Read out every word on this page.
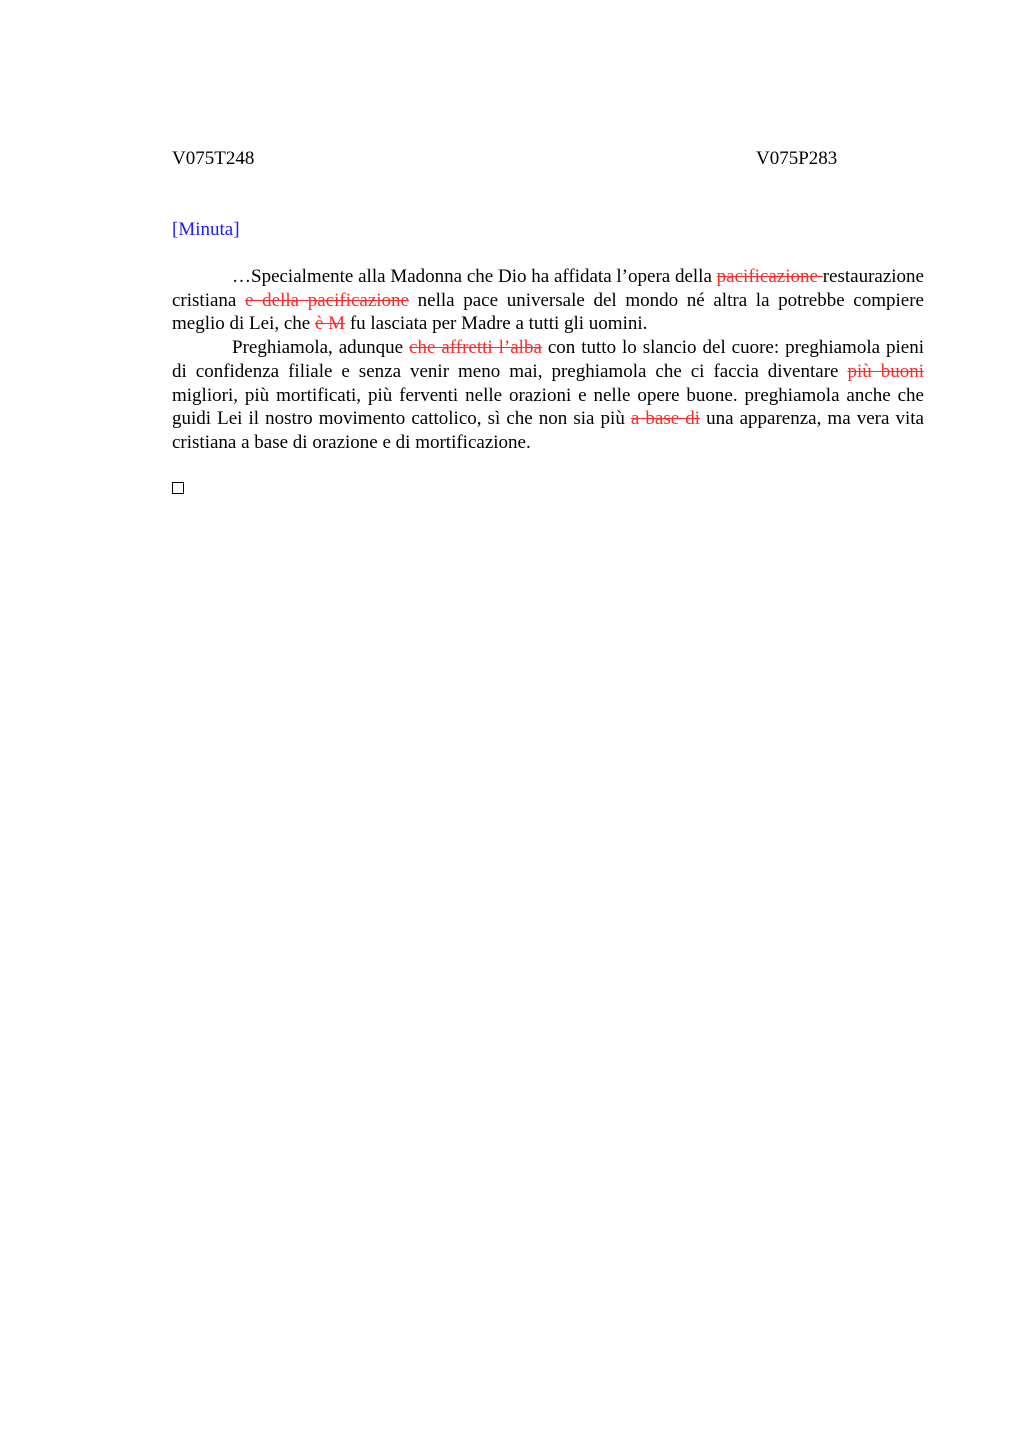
V075T248	V075P283
[Minuta]

…Specialmente alla Madonna che Dio ha affidata l’opera della pacificazione restaurazione cristiana e della pacificazione nella pace universale del mondo né altra la potrebbe compiere meglio di Lei, che è M fu lasciata per Madre a tutti gli uomini.

Preghiamola, adunque che affretti l’alba con tutto lo slancio del cuore: preghiamola pieni di confidenza filiale e senza venir meno mai, preghiamola che ci faccia diventare più buoni migliori, più mortificati, più ferventi nelle orazioni e nelle opere buone. preghiamola anche che guidi Lei il nostro movimento cattolico, sì che non sia più a base di una apparenza, ma vera vita cristiana a base di orazione e di mortificazione.
